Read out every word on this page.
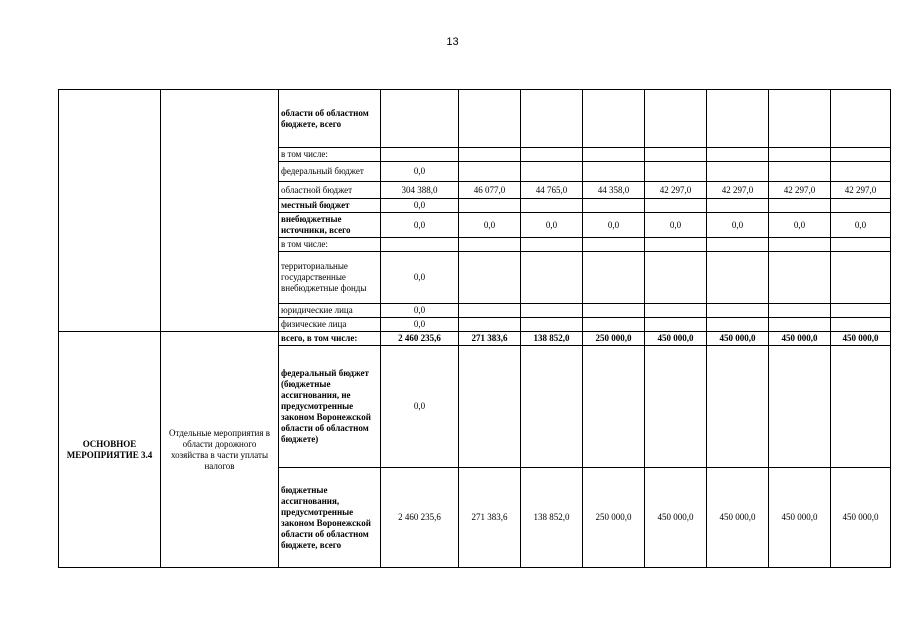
13
		области об областном бюджете, всего								
		в том числе:								
		федеральный бюджет	0,0							
		областной бюджет	304 388,0	46 077,0	44 765,0	44 358,0	42 297,0	42 297,0	42 297,0	42 297,0
		местный бюджет	0,0							
		внебюджетные источники, всего	0,0	0,0	0,0	0,0	0,0	0,0	0,0	0,0
		в том числе:								
		территориальные государственные внебюджетные фонды	0,0							
		юридические лица	0,0							
		физические лица	0,0							
ОСНОВНОЕ МЕРОПРИЯТИЕ 3.4	Отдельные мероприятия в области дорожного хозяйства в части уплаты налогов	всего, в том числе:	2 460 235,6	271 383,6	138 852,0	250 000,0	450 000,0	450 000,0	450 000,0	450 000,0
		федеральный бюджет (бюджетные ассигнования, не предусмотренные законом Воронежской области об областном бюджете)	0,0							
		бюджетные ассигнования, предусмотренные законом Воронежской области об областном бюджете, всего	2 460 235,6	271 383,6	138 852,0	250 000,0	450 000,0	450 000,0	450 000,0	450 000,0
